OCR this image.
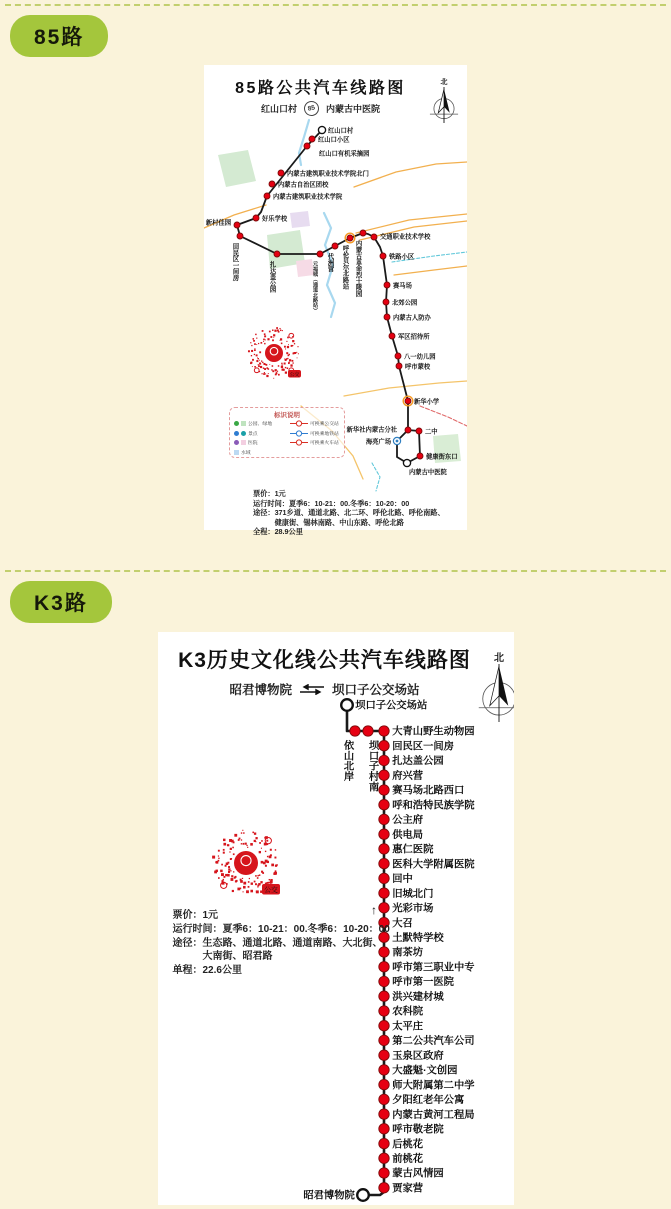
85路
85路公共汽车线路图
红山口村	85	内蒙古中医院
红山口村
红山口小区
红山口有机采摘园
内蒙古建筑职业技术学院北门
内蒙古自治区团校
内蒙古建筑职业技术学院
好乐学校
新村佳园
回民区一间房	扎达盖公园	元福城（通道北路站） 代洲营 呼伦贝尔北路站 内蒙古革命烈士陵园
交通职业技术学校
铁路小区
赛马场
北郊公园
内蒙古人防办
军区招待所
八一幼儿园
呼市蒙校
新华小学
新华社内蒙古分社	二中
健康街东口
海亮广场
内蒙古中医院
北
公交
标识说明
公园、绿地
景点
医院
水域
可换乘公交站
可换乘地铁站
可换乘火车站
票价：1元
运行时间：夏季6：10-21：00.冬季6：10-20：00
途径：371乡道、通道北路、北二环、呼伦北路、呼伦南路、
　　　健康街、锡林南路、中山东路、呼伦北路
全程：28.9公里
K3路
K3历史文化线公共汽车线路图
昭君博物院	坝口子公交场站
坝口子公交场站
依山北岸 坝口子村南
大青山野生动物园
回民区一间房
扎达盖公园
府兴营
赛马场北路西口
呼和浩特民族学院
公主府
供电局
惠仁医院
医科大学附属医院
回中
旧城北门
光彩市场
大召
土默特学校
南茶坊
呼市第三职业中专
呼市第一医院
洪兴建材城
农科院
太平庄
第二公共汽车公司
玉泉区政府
大盛魁·文创园
师大附属第二中学
夕阳红老年公寓
内蒙古黄河工程局
呼市敬老院
后桃花
前桃花
蒙古风情园
贾家营
昭君博物院
↑
北
公交
票价：1元
运行时间：夏季6：10-21：00.冬季6：10-20：00
途径：生态路、通道北路、通道南路、大北街、
　　　大南街、昭君路
单程：22.6公里
